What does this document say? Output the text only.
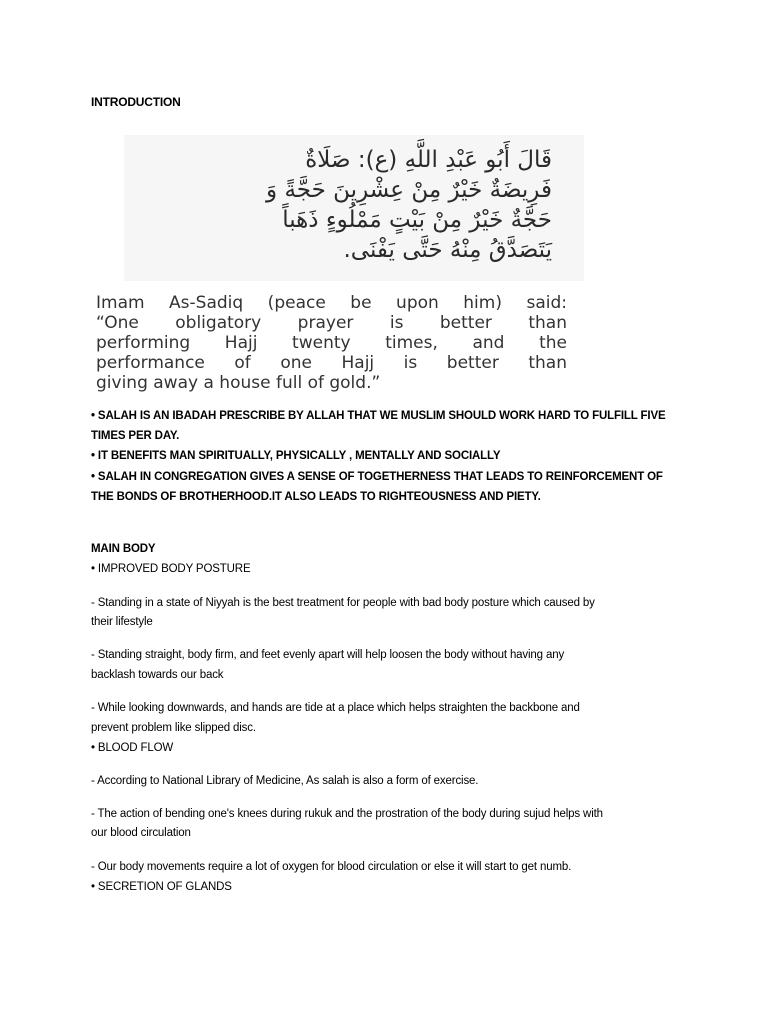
INTRODUCTION
قَالَ أَبُو عَبْدِ اللَّهِ (ع): صَلَاةٌ
فَرِيضَةٌ خَيْرٌ مِنْ عِشْرِينَ حَجَّةً وَ
حَجَّةٌ خَيْرٌ مِنْ بَيْتٍ مَمْلُوءٍ ذَهَباً
يَتَصَدَّقُ مِنْهُ حَتَّى يَفْنَى.
Imam As-Sadiq (peace be upon him) said:
“One obligatory prayer is better than
performing Hajj twenty times, and the
performance of one Hajj is better than
giving away a house full of gold.”
• SALAH IS AN IBADAH PRESCRIBE BY ALLAH THAT WE MUSLIM SHOULD WORK HARD TO FULFILL FIVE
TIMES PER DAY.
• IT BENEFITS MAN SPIRITUALLY, PHYSICALLY , MENTALLY AND SOCIALLY
• SALAH IN CONGREGATION GIVES A SENSE OF TOGETHERNESS THAT LEADS TO REINFORCEMENT OF
THE BONDS OF BROTHERHOOD.IT ALSO LEADS TO RIGHTEOUSNESS AND PIETY.
MAIN BODY
• IMPROVED BODY POSTURE
- Standing in a state of Niyyah is the best treatment for people with bad body posture which caused by
their lifestyle
- Standing straight, body firm, and feet evenly apart will help loosen the body without having any
backlash towards our back
- While looking downwards, and hands are tide at a place which helps straighten the backbone and
prevent problem like slipped disc.
• BLOOD FLOW
- According to National Library of Medicine, As salah is also a form of exercise.
- The action of bending one's knees during rukuk and the prostration of the body during sujud helps with
our blood circulation
- Our body movements require a lot of oxygen for blood circulation or else it will start to get numb.
• SECRETION OF GLANDS
